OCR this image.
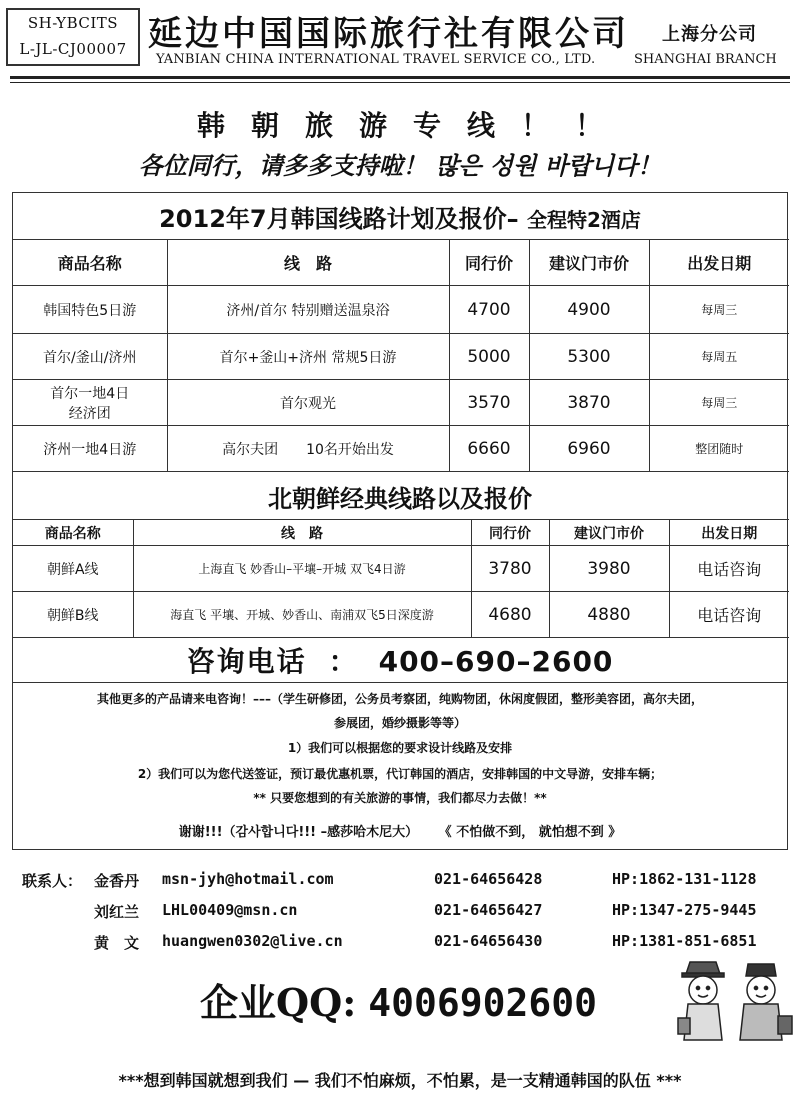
SH-YBCITS
L-JL-CJ00007 延边中国国际旅行社有限公司 上海分公司
YANBIAN CHINA INTERNATIONAL TRAVEL SERVICE CO., LTD.	SHANGHAI BRANCH
韩朝旅游专线！！
各位同行，请多多支持啦！ 많은 성원 바랍니다！
2012年7月韩国线路计划及报价– 全程特2酒店
商品名称	线　路	同行价	建议门市价	出发日期
韩国特色5日游	济州/首尔 特别赠送温泉浴	4700	4900	每周三
首尔/釜山/济州	首尔+釜山+济州 常规5日游	5000	5300	每周五

首尔一地4日
经济团	首尔观光	3570	3870	每周三
济州一地4日游	高尔夫团　　10名开始出发	6660	6960	整团随时
北朝鲜经典线路以及报价
商品名称	线　路	同行价	建议门市价	出发日期
朝鲜A线	上海直飞 妙香山–平壤–开城 双飞4日游	3780	3980	电话咨询
朝鲜B线	海直飞 平壤、开城、妙香山、南浦双飞5日深度游	4680	4880	电话咨询
咨询电话 ： 400–690–2600
其他更多的产品请来电咨询！–––（学生研修团，公务员考察团，纯购物团，休闲度假团，整形美容团，高尔夫团，
参展团，婚纱摄影等等）
1）我们可以根据您的要求设计线路及安排
2）我们可以为您代送签证，预订最优惠机票，代订韩国的酒店，安排韩国的中文导游，安排车辆；
** 只要您想到的有关旅游的事情，我们都尽力去做！**
谢谢!!!（감사합니다!!! –感莎哈木尼大） 《 不怕做不到， 就怕想不到 》
联系人： 金香丹 msn-jyh@hotmail.com	021-64656428	HP:1862-131-1128
刘红兰 LHL00409@msn.cn	021-64656427	HP:1347-275-9445
黄　文 huangwen0302@live.cn	021-64656430	HP:1381-851-6851
企业QQ: 4006902600
***想到韩国就想到我们 — 我们不怕麻烦，不怕累，是一支精通韩国的队伍 ***
